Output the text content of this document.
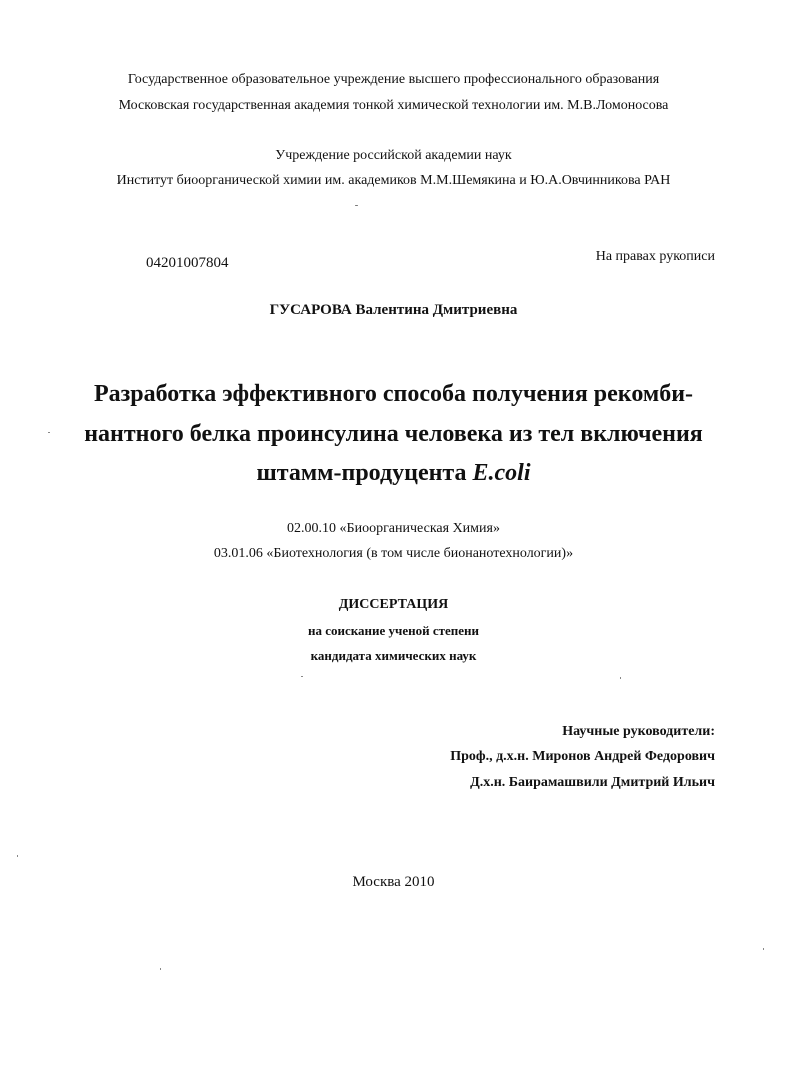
Государственное образовательное учреждение высшего профессионального образования
Московская государственная академия тонкой химической технологии им. М.В.Ломоносова
Учреждение российской академии наук
Институт биоорганической химии им. академиков М.М.Шемякина и Ю.А.Овчинникова РАН
04201007804	На правах рукописи
ГУСАРОВА Валентина Дмитриевна
Разработка эффективного способа получения рекомби-
нантного белка проинсулина человека из тел включения
штамм-продуцента E.coli
02.00.10 «Биоорганическая Химия»
03.01.06 «Биотехнология (в том числе бионанотехнологии)»
ДИССЕРТАЦИЯ
на соискание ученой степени
кандидата химических наук
Научные руководители:
Проф., д.х.н. Миронов Андрей Федорович
Д.х.н. Баирамашвили Дмитрий Ильич
Москва 2010
